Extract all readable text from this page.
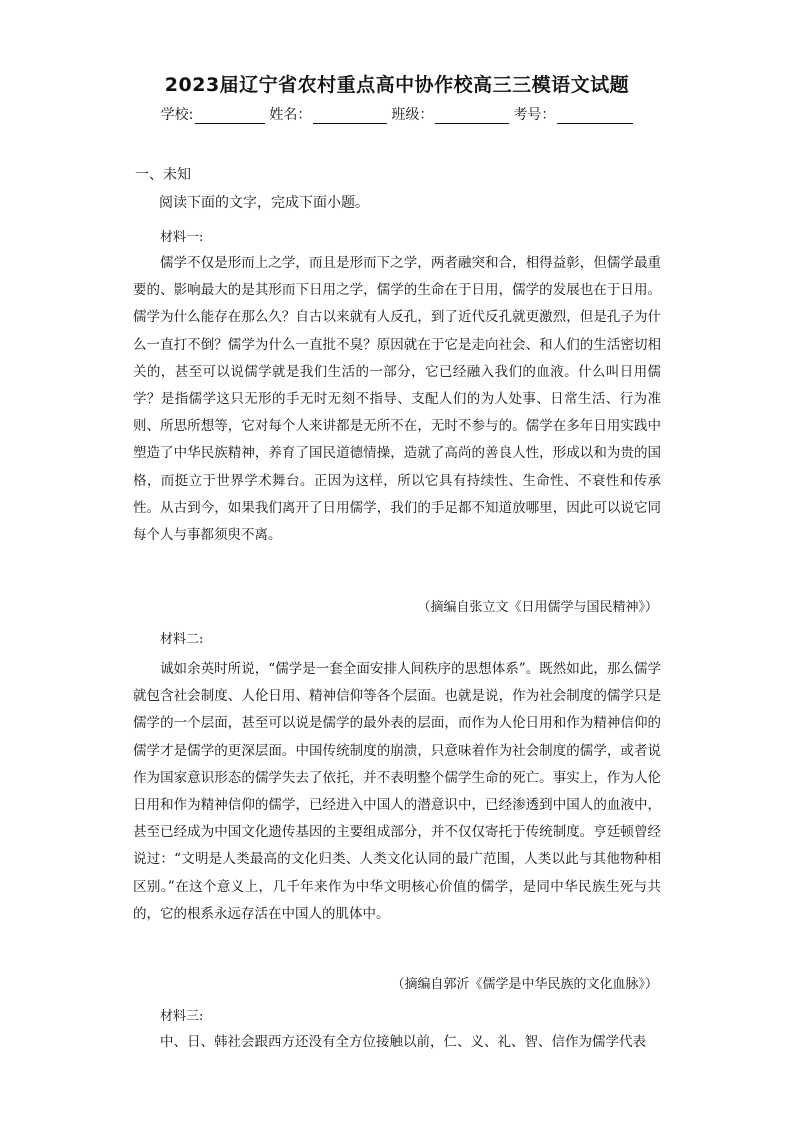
2023届辽宁省农村重点高中协作校高三三模语文试题
学校:	姓名：	班级：	考号：
一、未知
阅读下面的文字，完成下面小题。
材料一:

儒学不仅是形而上之学，而且是形而下之学，两者融突和合，相得益彰，但儒学最重要的、影响最大的是其形而下日用之学，儒学的生命在于日用，儒学的发展也在于日用。儒学为什么能存在那么久？自古以来就有人反孔，到了近代反孔就更激烈，但是孔子为什么一直打不倒？儒学为什么一直批不臭？原因就在于它是走向社会、和人们的生活密切相关的，甚至可以说儒学就是我们生活的一部分，它已经融入我们的血液。什么叫日用儒学？是指儒学这只无形的手无时无刻不指导、支配人们的为人处事、日常生活、行为准则、所思所想等，它对每个人来讲都是无所不在，无时不参与的。儒学在多年日用实践中塑造了中华民族精神，养育了国民道德情操，造就了高尚的善良人性，形成以和为贵的国格，而挺立于世界学术舞台。正因为这样，所以它具有持续性、生命性、不衰性和传承性。从古到今，如果我们离开了日用儒学，我们的手足都不知道放哪里，因此可以说它同每个人与事都须臾不离。

（摘编自张立文《日用儒学与国民精神》）
材料二:

诚如余英时所说，“儒学是一套全面安排人间秩序的思想体系”。既然如此，那么儒学就包含社会制度、人伦日用、精神信仰等各个层面。也就是说，作为社会制度的儒学只是儒学的一个层面，甚至可以说是儒学的最外表的层面，而作为人伦日用和作为精神信仰的儒学才是儒学的更深层面。中国传统制度的崩溃，只意味着作为社会制度的儒学，或者说作为国家意识形态的儒学失去了依托，并不表明整个儒学生命的死亡。事实上，作为人伦日用和作为精神信仰的儒学，已经进入中国人的潜意识中，已经渗透到中国人的血液中，甚至已经成为中国文化遗传基因的主要组成部分，并不仅仅寄托于传统制度。亨廷顿曾经说过：“文明是人类最高的文化归类、人类文化认同的最广范围，人类以此与其他物种相区别。”在这个意义上，几千年来作为中华文明核心价值的儒学，是同中华民族生死与共的，它的根系永远存活在中国人的肌体中。

（摘编自郭沂《儒学是中华民族的文化血脉》）
材料三:

中、日、韩社会跟西方还没有全方位接触以前，仁、义、礼、智、信作为儒学代表
